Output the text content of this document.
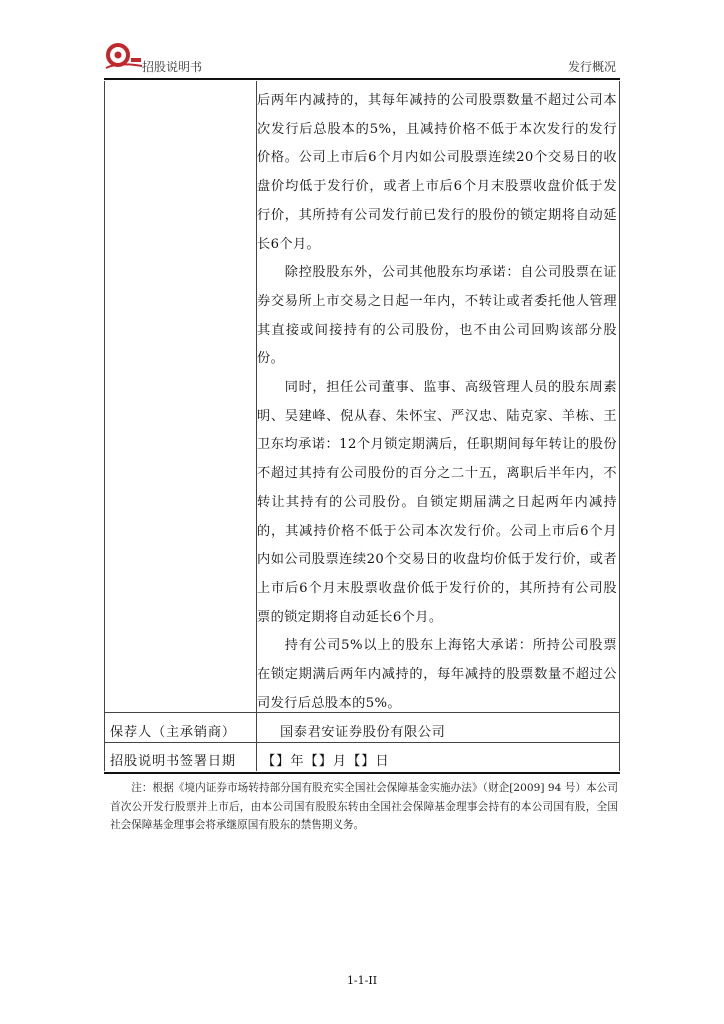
招股说明书	发行概况

后两年内减持的，其每年减持的公司股票数量不超过公司本次发行后总股本的5%，且减持价格不低于本次发行的发行价格。公司上市后6个月内如公司股票连续20个交易日的收盘价均低于发行价，或者上市后6个月末股票收盘价低于发行价，其所持有公司发行前已发行的股份的锁定期将自动延长6个月。

除控股股东外，公司其他股东均承诺：自公司股票在证券交易所上市交易之日起一年内，不转让或者委托他人管理其直接或间接持有的公司股份，也不由公司回购该部分股份。

同时，担任公司董事、监事、高级管理人员的股东周素明、吴建峰、倪从春、朱怀宝、严汉忠、陆克家、羊栋、王卫东均承诺：12个月锁定期满后，任职期间每年转让的股份不超过其持有公司股份的百分之二十五，离职后半年内，不转让其持有的公司股份。自锁定期届满之日起两年内减持的，其减持价格不低于公司本次发行价。公司上市后6个月内如公司股票连续20个交易日的收盘均价低于发行价，或者上市后6个月末股票收盘价低于发行价的，其所持有公司股票的锁定期将自动延长6个月。

持有公司5%以上的股东上海铭大承诺：所持公司股票在锁定期满后两年内减持的，每年减持的股票数量不超过公司发行后总股本的5%。

保荐人（主承销商）	国泰君安证券股份有限公司
招股说明书签署日期 【】年【】月【】日
注：根据《境内证券市场转持部分国有股充实全国社会保障基金实施办法》（财企[2009] 94 号）本公司首次公开发行股票并上市后，由本公司国有股股东转由全国社会保障基金理事会持有的本公司国有股，全国社会保障基金理事会将承继原国有股东的禁售期义务。
1-1-II
